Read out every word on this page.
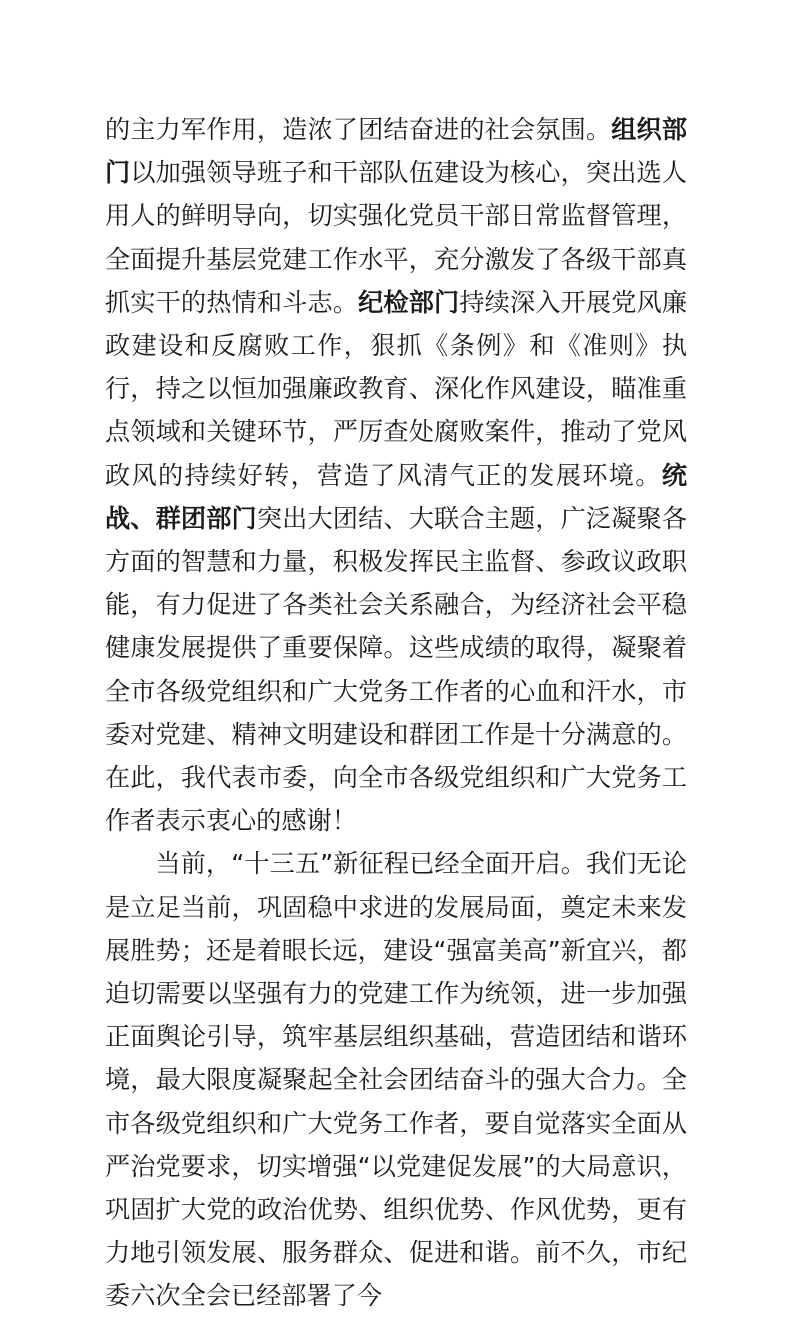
的主力军作用，造浓了团结奋进的社会氛围。组织部门以加强领导班子和干部队伍建设为核心，突出选人用人的鲜明导向，切实强化党员干部日常监督管理，全面提升基层党建工作水平，充分激发了各级干部真抓实干的热情和斗志。纪检部门持续深入开展党风廉政建设和反腐败工作，狠抓《条例》和《准则》执行，持之以恒加强廉政教育、深化作风建设，瞄准重点领域和关键环节，严厉查处腐败案件，推动了党风政风的持续好转，营造了风清气正的发展环境。统战、群团部门突出大团结、大联合主题，广泛凝聚各方面的智慧和力量，积极发挥民主监督、参政议政职能，有力促进了各类社会关系融合，为经济社会平稳健康发展提供了重要保障。这些成绩的取得，凝聚着全市各级党组织和广大党务工作者的心血和汗水，市委对党建、精神文明建设和群团工作是十分满意的。在此，我代表市委，向全市各级党组织和广大党务工作者表示衷心的感谢！

当前，“十三五”新征程已经全面开启。我们无论是立足当前，巩固稳中求进的发展局面，奠定未来发展胜势；还是着眼长远，建设“强富美高”新宜兴，都迫切需要以坚强有力的党建工作为统领，进一步加强正面舆论引导，筑牢基层组织基础，营造团结和谐环境，最大限度凝聚起全社会团结奋斗的强大合力。全市各级党组织和广大党务工作者，要自觉落实全面从严治党要求，切实增强“以党建促发展”的大局意识，巩固扩大党的政治优势、组织优势、作风优势，更有力地引领发展、服务群众、促进和谐。前不久，市纪委六次全会已经部署了今
